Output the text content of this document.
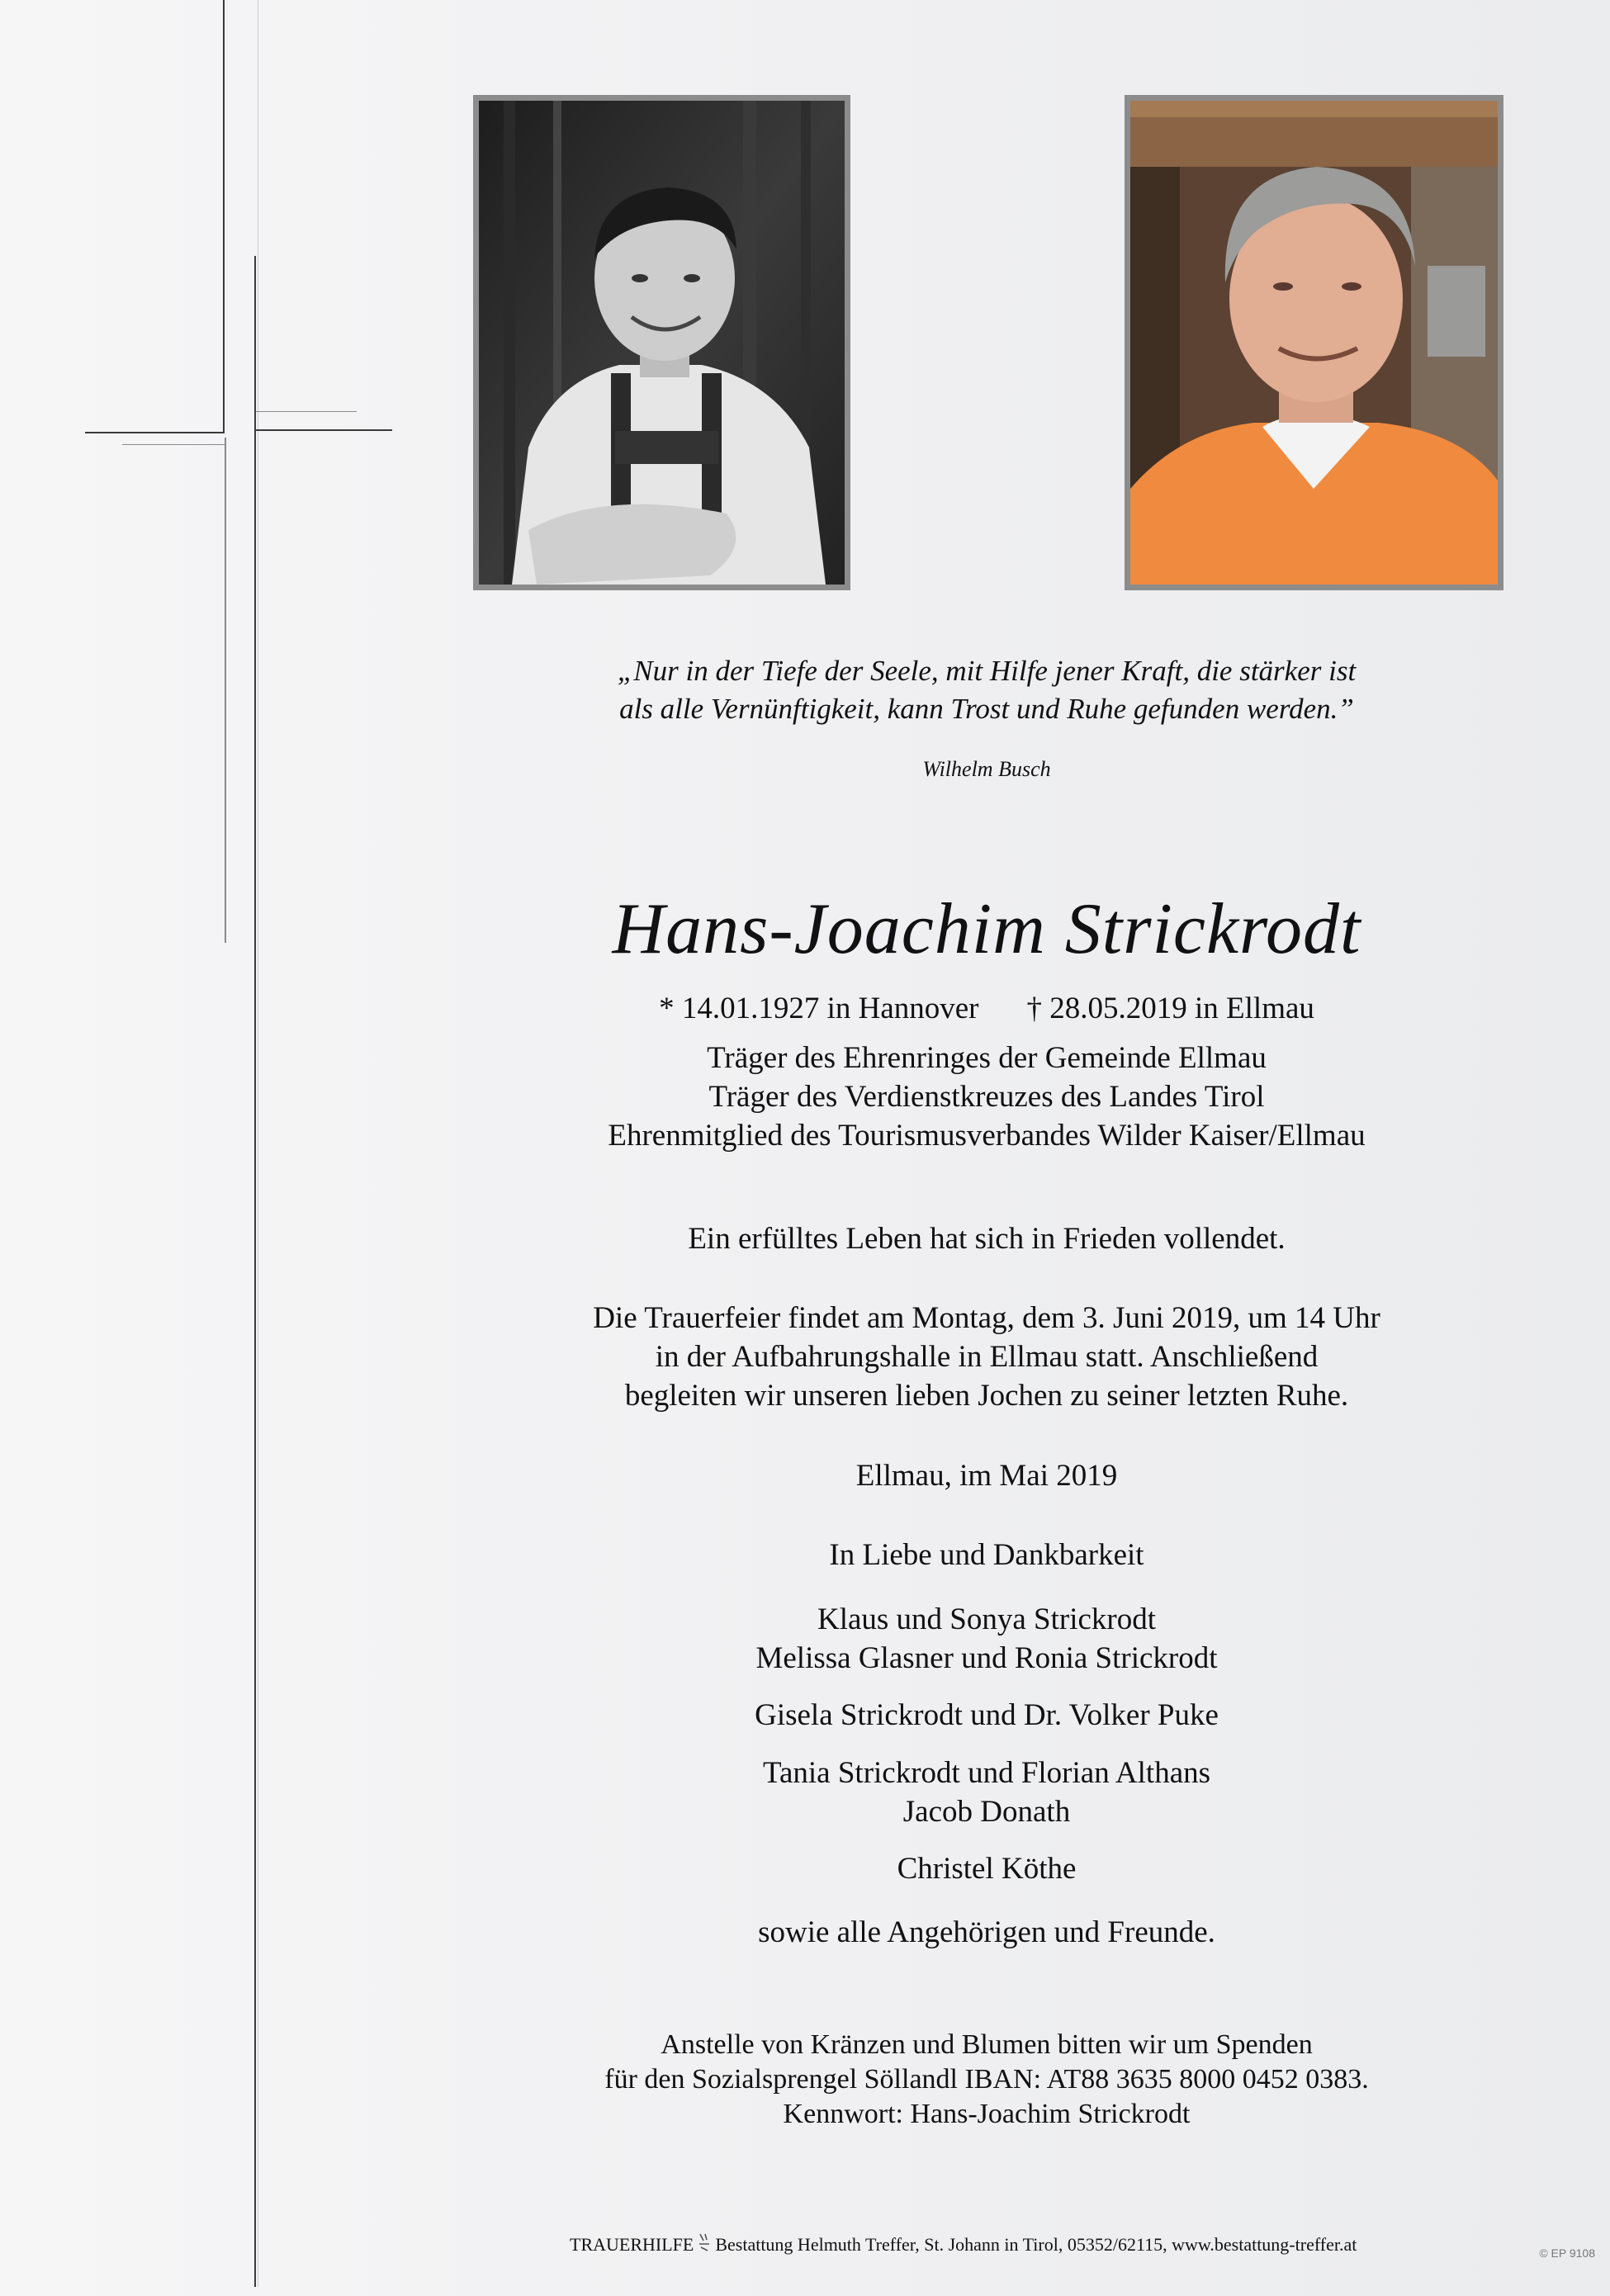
„Nur in der Tiefe der Seele, mit Hilfe jener Kraft, die stärker ist
als alle Vernünftigkeit, kann Trost und Ruhe gefunden werden.”
Wilhelm Busch
Hans-Joachim Strickrodt
* 14.01.1927 in Hannover † 28.05.2019 in Ellmau
Träger des Ehrenringes der Gemeinde Ellmau
Träger des Verdienstkreuzes des Landes Tirol
Ehrenmitglied des Tourismusverbandes Wilder Kaiser/Ellmau
Ein erfülltes Leben hat sich in Frieden vollendet.
Die Trauerfeier findet am Montag, dem 3. Juni 2019, um 14 Uhr
in der Aufbahrungshalle in Ellmau statt. Anschließend
begleiten wir unseren lieben Jochen zu seiner letzten Ruhe.
Ellmau, im Mai 2019
In Liebe und Dankbarkeit
Klaus und Sonya Strickrodt
Melissa Glasner und Ronia Strickrodt
Gisela Strickrodt und Dr. Volker Puke
Tania Strickrodt und Florian Althans
Jacob Donath
Christel Köthe
sowie alle Angehörigen und Freunde.
Anstelle von Kränzen und Blumen bitten wir um Spenden
für den Sozialsprengel Söllandl IBAN: AT88 3635 8000 0452 0383.
Kennwort: Hans-Joachim Strickrodt
TRAUERHILFE Bestattung Helmuth Treffer, St. Johann in Tirol, 05352/62115, www.bestattung-treffer.at	© EP 9108
